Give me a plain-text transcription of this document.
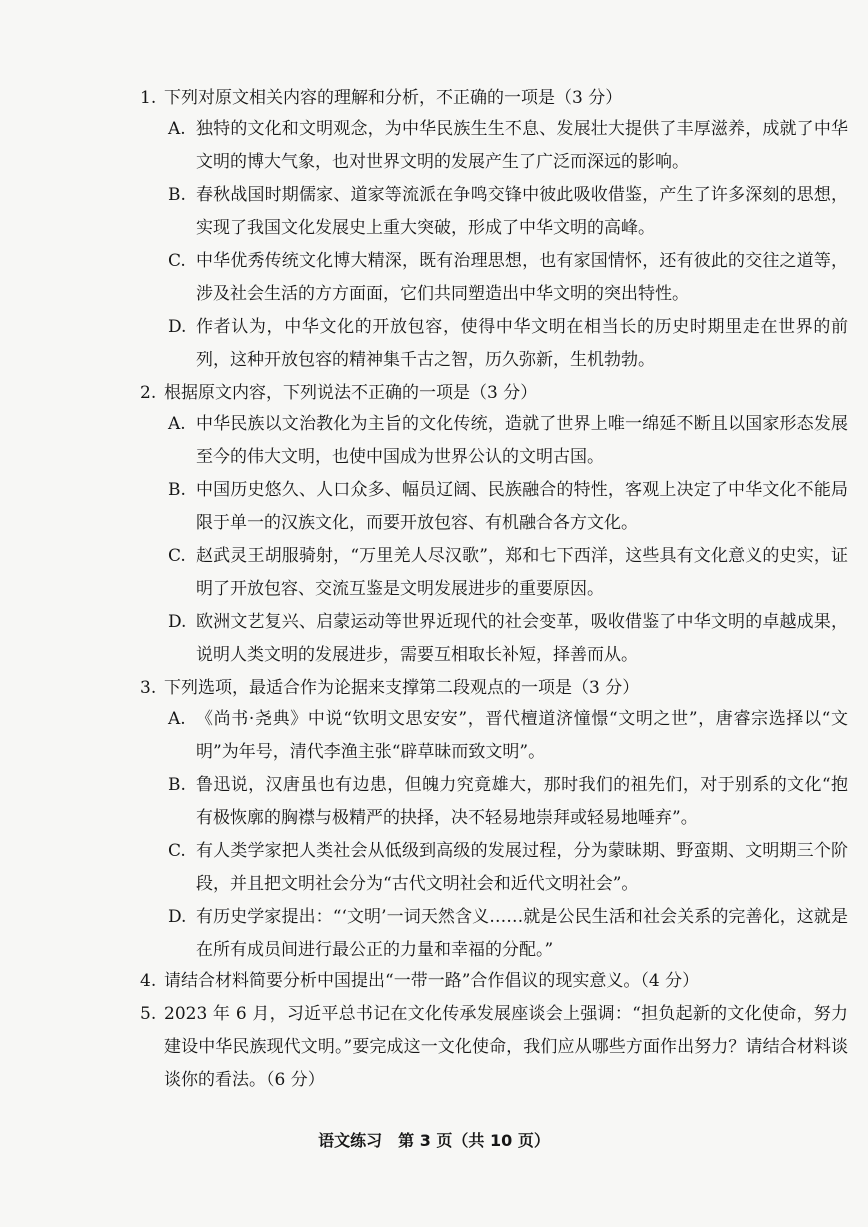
1. 下列对原文相关内容的理解和分析，不正确的一项是（3 分）
A. 独特的文化和文明观念，为中华民族生生不息、发展壮大提供了丰厚滋养，成就了中华文明的博大气象，也对世界文明的发展产生了广泛而深远的影响。
B. 春秋战国时期儒家、道家等流派在争鸣交锋中彼此吸收借鉴，产生了许多深刻的思想，实现了我国文化发展史上重大突破，形成了中华文明的高峰。
C. 中华优秀传统文化博大精深，既有治理思想，也有家国情怀，还有彼此的交往之道等，涉及社会生活的方方面面，它们共同塑造出中华文明的突出特性。
D. 作者认为，中华文化的开放包容，使得中华文明在相当长的历史时期里走在世界的前列，这种开放包容的精神集千古之智，历久弥新，生机勃勃。
2. 根据原文内容，下列说法不正确的一项是（3 分）
A. 中华民族以文治教化为主旨的文化传统，造就了世界上唯一绵延不断且以国家形态发展至今的伟大文明，也使中国成为世界公认的文明古国。
B. 中国历史悠久、人口众多、幅员辽阔、民族融合的特性，客观上决定了中华文化不能局限于单一的汉族文化，而要开放包容、有机融合各方文化。
C. 赵武灵王胡服骑射，“万里羌人尽汉歌”，郑和七下西洋，这些具有文化意义的史实，证明了开放包容、交流互鉴是文明发展进步的重要原因。
D. 欧洲文艺复兴、启蒙运动等世界近现代的社会变革，吸收借鉴了中华文明的卓越成果，说明人类文明的发展进步，需要互相取长补短，择善而从。
3. 下列选项，最适合作为论据来支撑第二段观点的一项是（3 分）
A. 《尚书·尧典》中说“钦明文思安安”，晋代檀道济憧憬“文明之世”，唐睿宗选择以“文明”为年号，清代李渔主张“辟草昧而致文明”。
B. 鲁迅说，汉唐虽也有边患，但魄力究竟雄大，那时我们的祖先们，对于别系的文化“抱有极恢廓的胸襟与极精严的抉择，决不轻易地崇拜或轻易地唾弃”。
C. 有人类学家把人类社会从低级到高级的发展过程，分为蒙昧期、野蛮期、文明期三个阶段，并且把文明社会分为“古代文明社会和近代文明社会”。
D. 有历史学家提出：“‘文明’一词天然含义……就是公民生活和社会关系的完善化，这就是在所有成员间进行最公正的力量和幸福的分配。”
4. 请结合材料简要分析中国提出“一带一路”合作倡议的现实意义。（4 分）
5. 2023 年 6 月，习近平总书记在文化传承发展座谈会上强调：“担负起新的文化使命，努力建设中华民族现代文明。”要完成这一文化使命，我们应从哪些方面作出努力？请结合材料谈谈你的看法。（6 分）
语文练习　第 3 页（共 10 页）
